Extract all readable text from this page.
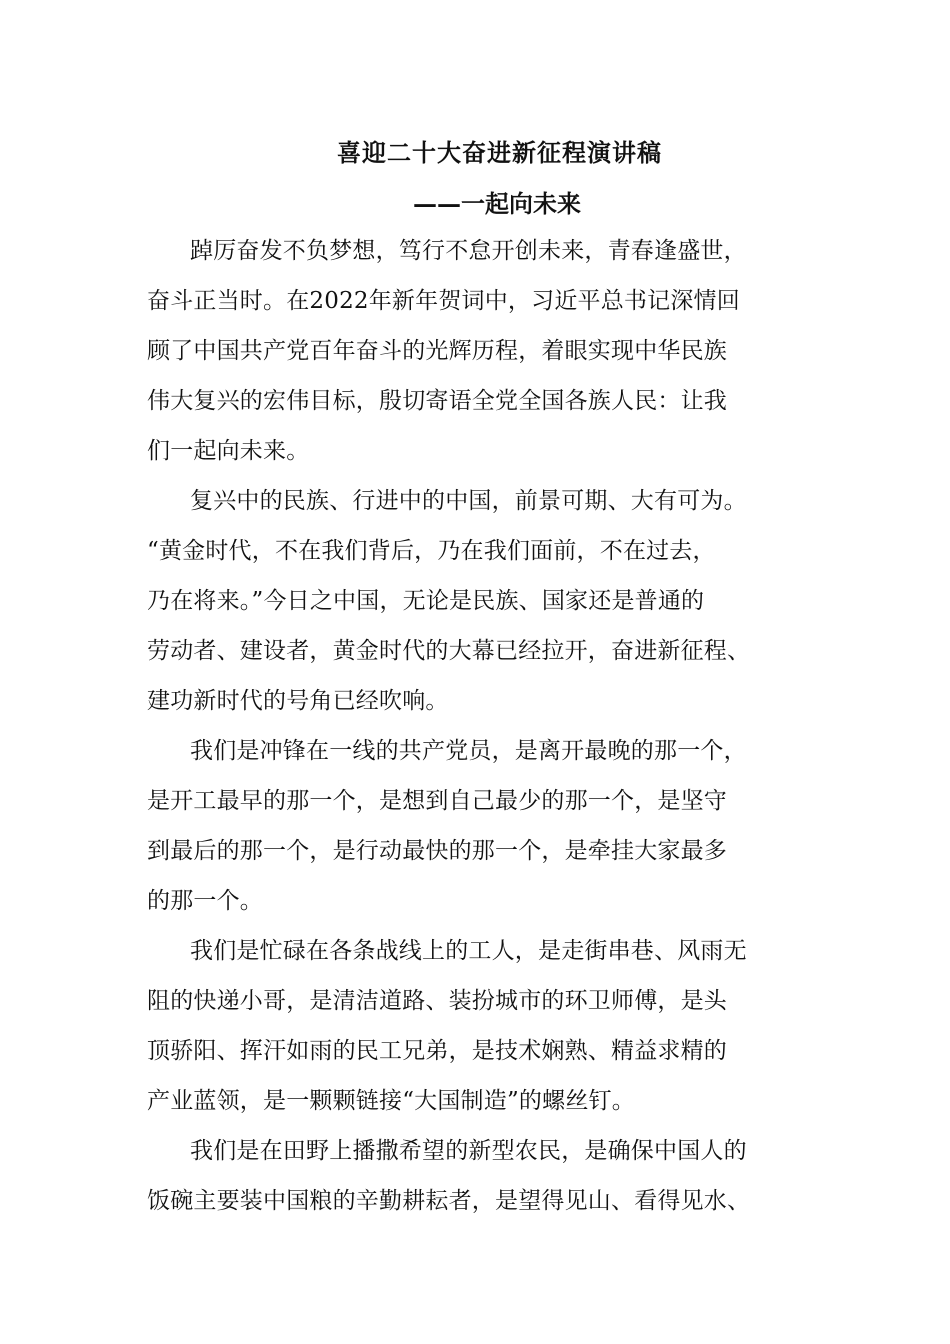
喜迎二十大奋进新征程演讲稿
——一起向未来
踔厉奋发不负梦想，笃行不怠开创未来，青春逢盛世，
奋斗正当时。在2022年新年贺词中，习近平总书记深情回
顾了中国共产党百年奋斗的光辉历程，着眼实现中华民族
伟大复兴的宏伟目标，殷切寄语全党全国各族人民：让我
们一起向未来。
复兴中的民族、行进中的中国，前景可期、大有可为。
“黄金时代，不在我们背后，乃在我们面前，不在过去，
乃在将来。”今日之中国，无论是民族、国家还是普通的
劳动者、建设者，黄金时代的大幕已经拉开，奋进新征程、
建功新时代的号角已经吹响。
我们是冲锋在一线的共产党员，是离开最晚的那一个，
是开工最早的那一个，是想到自己最少的那一个，是坚守
到最后的那一个，是行动最快的那一个，是牵挂大家最多
的那一个。
我们是忙碌在各条战线上的工人，是走街串巷、风雨无
阻的快递小哥，是清洁道路、装扮城市的环卫师傅，是头
顶骄阳、挥汗如雨的民工兄弟，是技术娴熟、精益求精的
产业蓝领，是一颗颗链接“大国制造”的螺丝钉。
我们是在田野上播撒希望的新型农民，是确保中国人的
饭碗主要装中国粮的辛勤耕耘者，是望得见山、看得见水、
